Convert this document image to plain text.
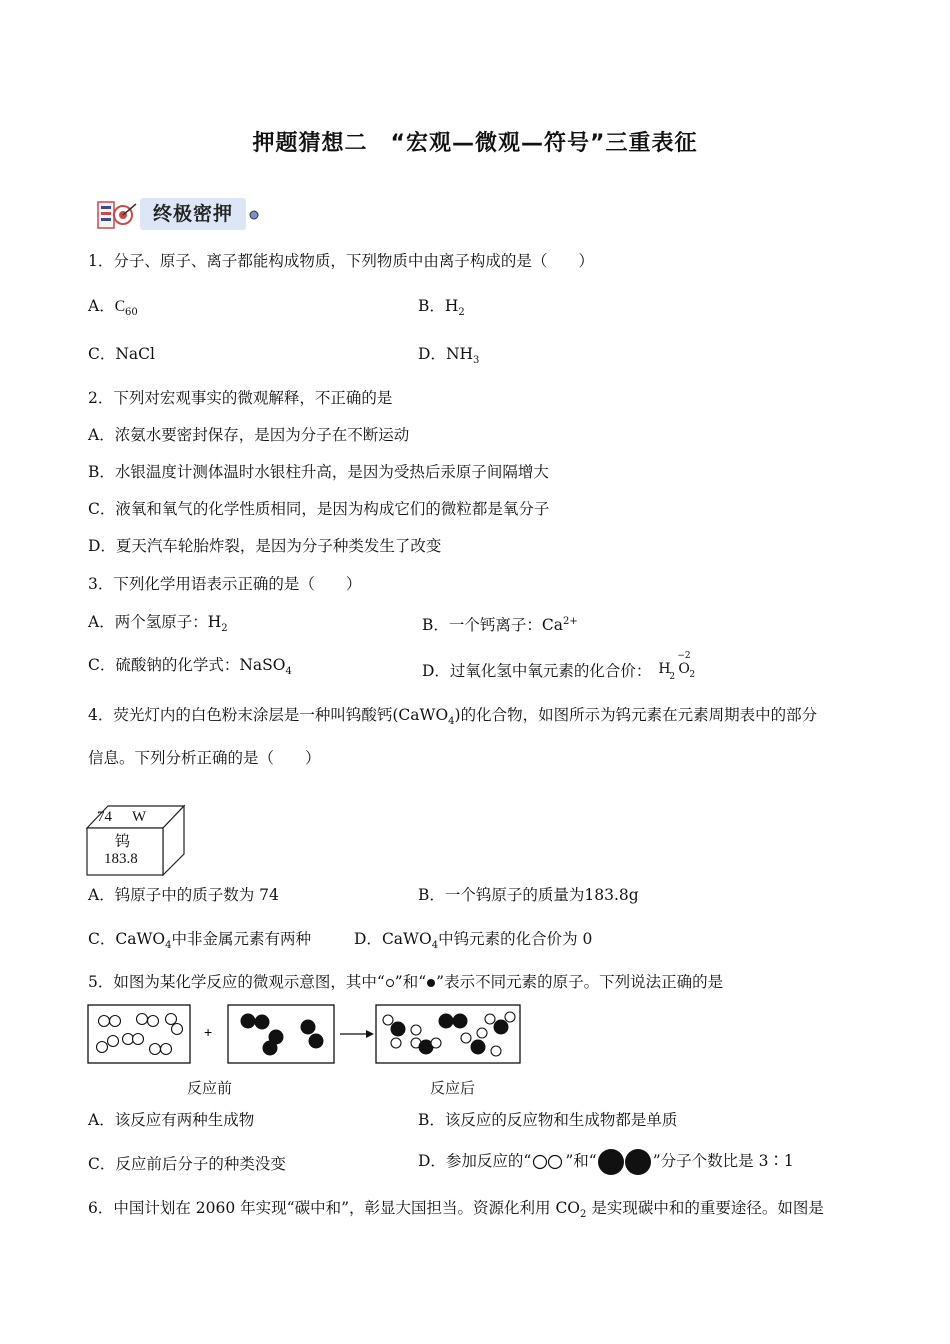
押题猜想二　“宏观—微观—符号”三重表征
终极密押
1．分子、原子、离子都能构成物质，下列物质中由离子构成的是（　　）
A．$C_{60}$	B．$H_2$
C．NaCl	D．$NH_3$
2．下列对宏观事实的微观解释，不正确的是
A．浓氨水要密封保存，是因为分子在不断运动
B．水银温度计测体温时水银柱升高，是因为受热后汞原子间隔增大
C．液氧和氧气的化学性质相同，是因为构成它们的微粒都是氧分子
D．夏天汽车轮胎炸裂，是因为分子种类发生了改变
3．下列化学用语表示正确的是（　　）
A．两个氢原子：$H_2$	B．一个钙离子：$Ca^{2+}$
C．硫酸钠的化学式：NaSO$_4$	D．过氧化氢中氧元素的化合价： H
2 O 2
−2
4．荧光灯内的白色粉末涂层是一种叫钨酸钙(CaWO$_4$)的化合物，如图所示为钨元素在元素周期表中的部分
信息。下列分析正确的是（　　）
74 W
钨
183.8
A．钨原子中的质子数为 74	B．一个钨原子的质量为183.8g
C．CaWO$_4$中非金属元素有两种	D．CaWO$_4$中钨元素的化合价为 0
5．如图为某化学反应的微观示意图，其中“ ”和“ ”表示不同元素的原子。下列说法正确的是
+
反应前	反应后
A．该反应有两种生成物	B．该反应的反应物和生成物都是单质
C．反应前后分子的种类没变	D．参加反应的“ ”和“	”分子个数比是 3∶1
6．中国计划在 2060 年实现“碳中和”，彰显大国担当。资源化利用 $CO_2$ 是实现碳中和的重要途径。如图是
